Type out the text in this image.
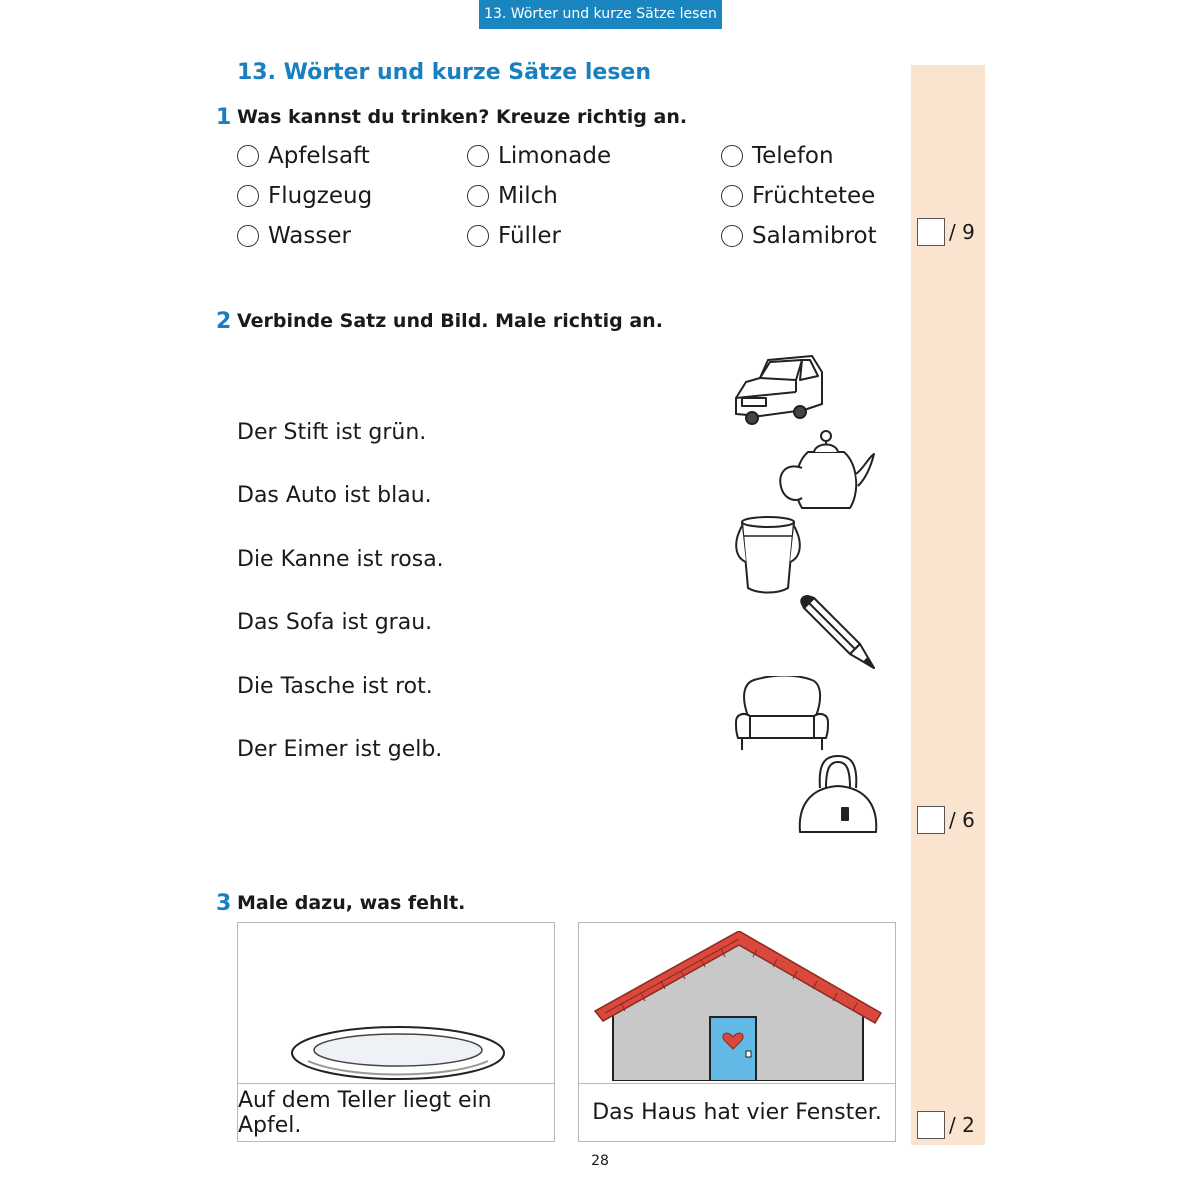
13. Wörter und kurze Sätze lesen
13. Wörter und kurze Sätze lesen
1 Was kannst du trinken? Kreuze richtig an.
Apfelsaft	Limonade	Telefon
Flugzeug	Milch	Früchtetee
Wasser	Füller	Salamibrot	/ 9
2 Verbinde Satz und Bild. Male richtig an.
Der Stift ist grün.
Das Auto ist blau.
Die Kanne ist rosa.
Das Sofa ist grau.
Die Tasche ist rot.
Der Eimer ist gelb.
/ 6
3 Male dazu, was fehlt.
Auf dem Teller liegt ein Apfel.	Das Haus hat vier Fenster.	/ 2
28
